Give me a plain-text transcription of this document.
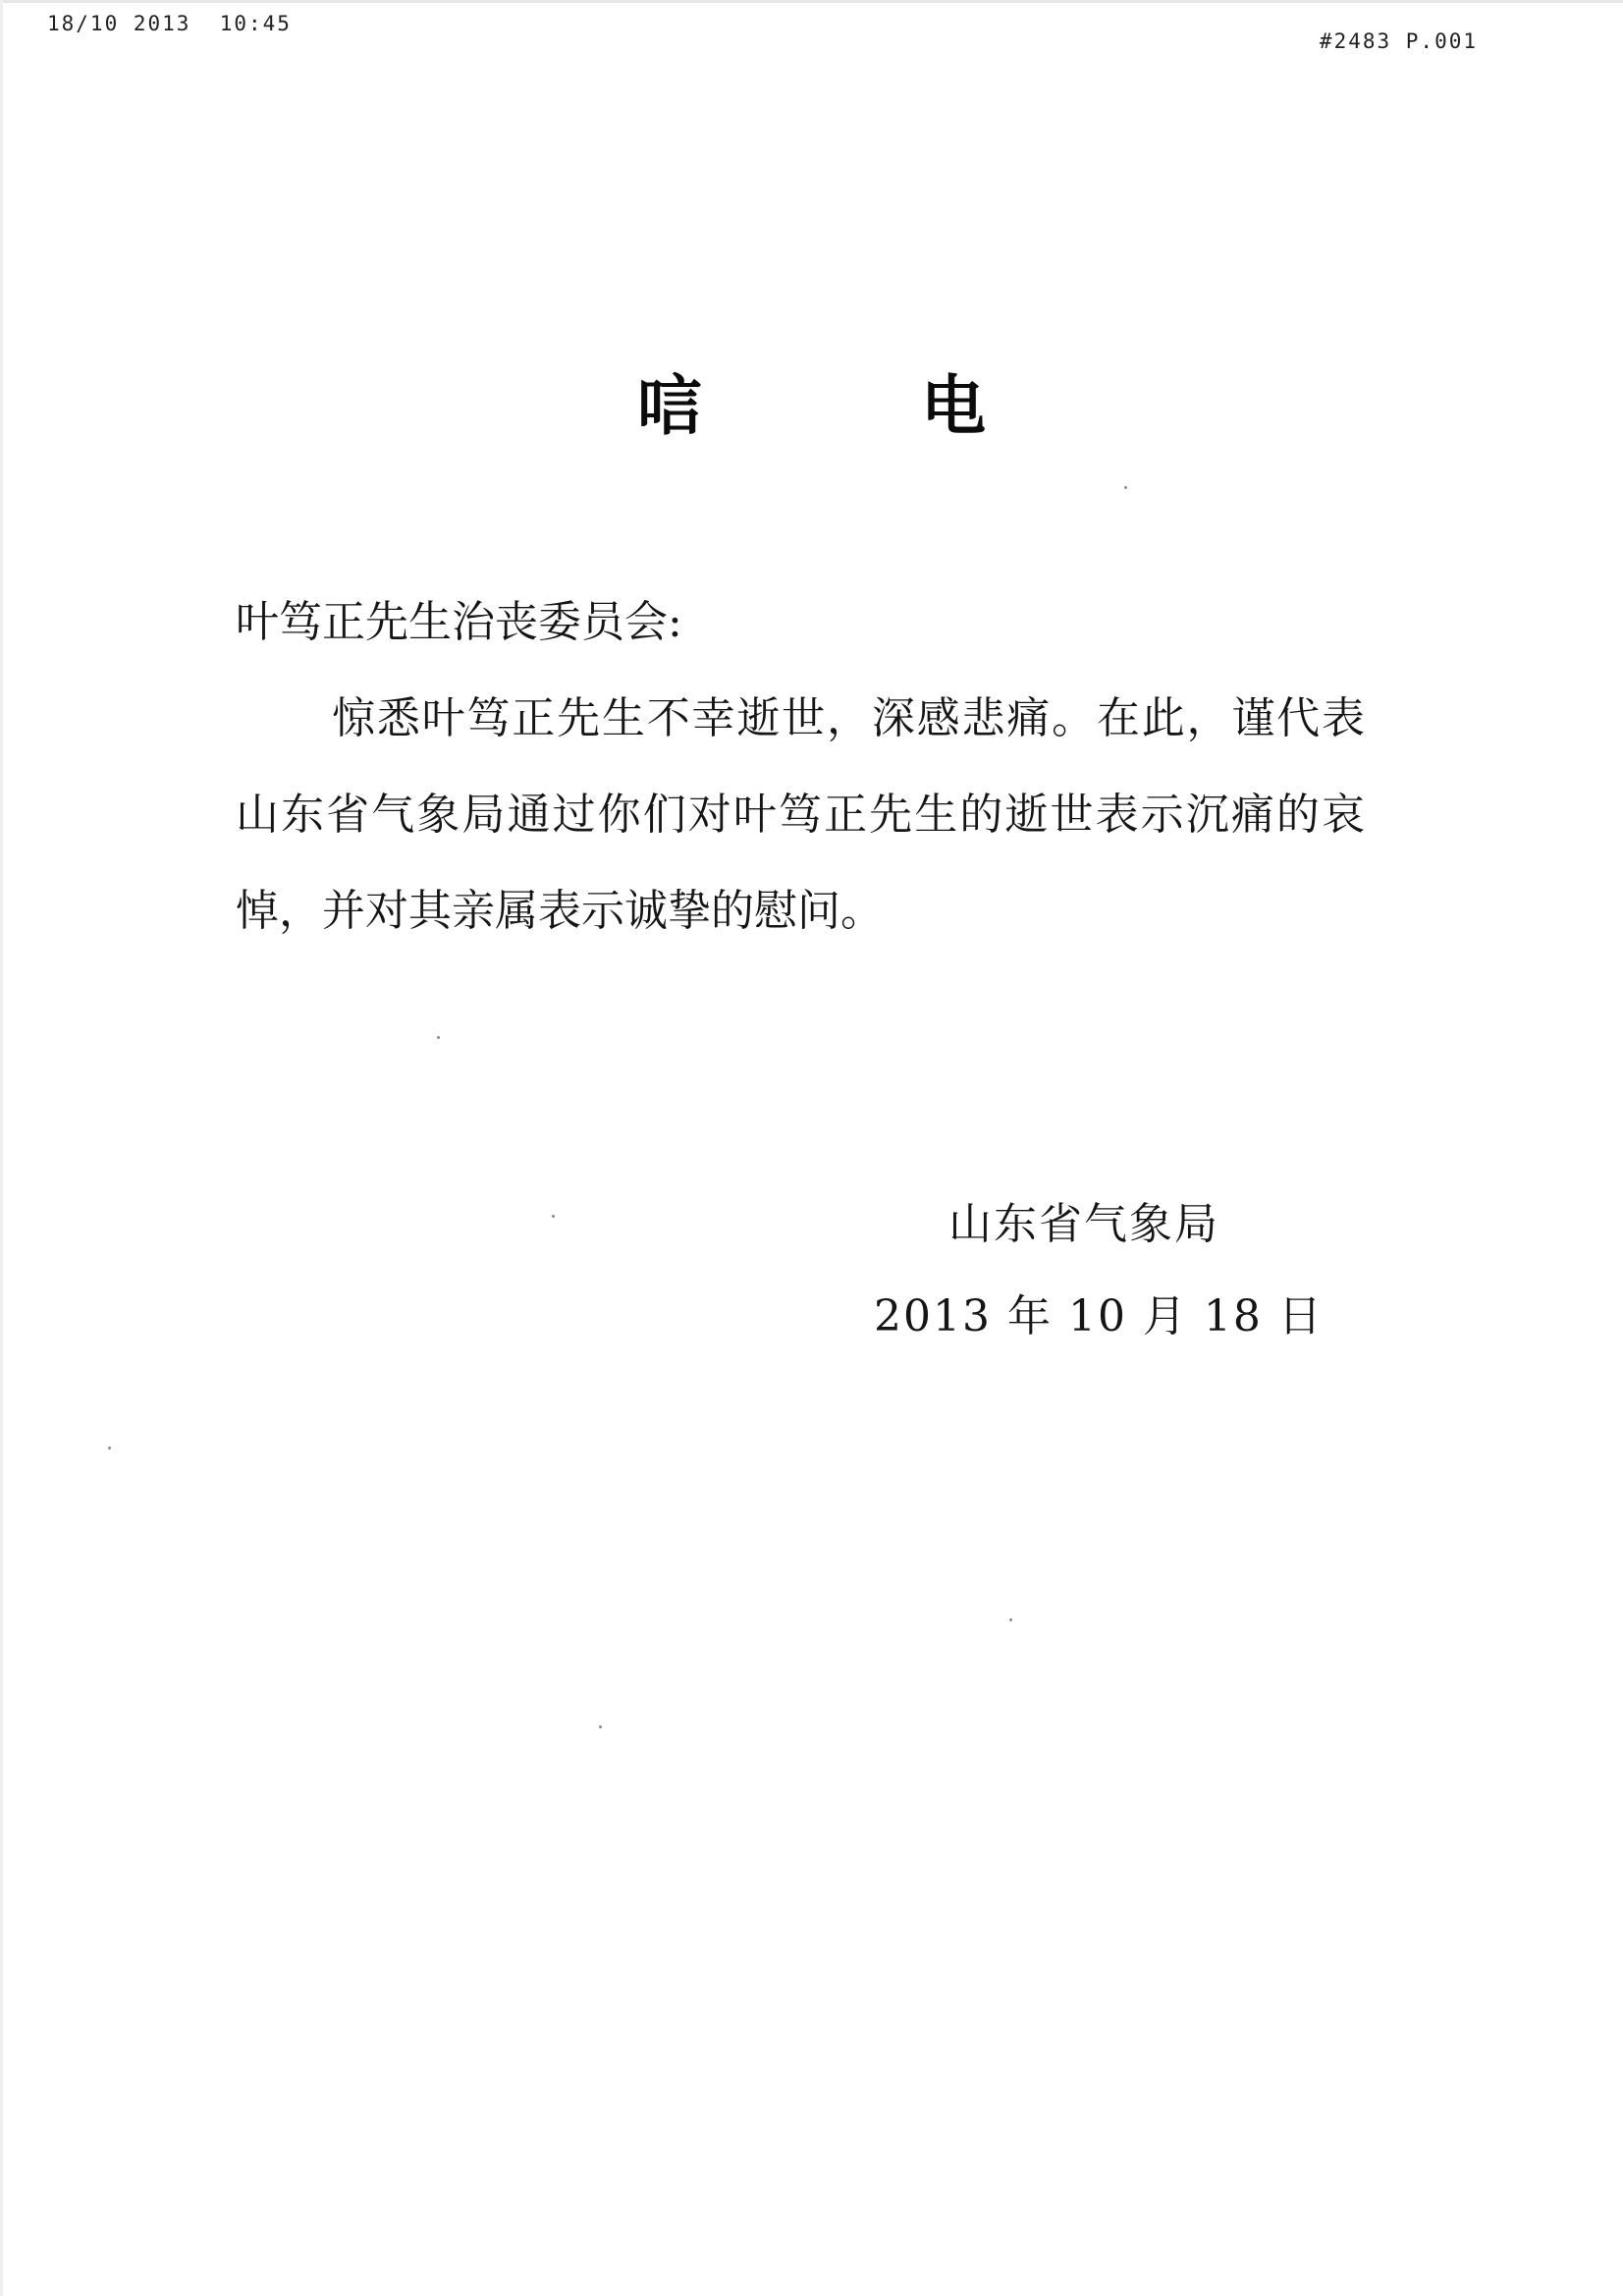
18/10 2013  10:45
#2483 P.001
唁 电

叶笃正先生治丧委员会:

惊悉叶笃正先生不幸逝世，深感悲痛。在此，谨代表山东省气象局通过你们对叶笃正先生的逝世表示沉痛的哀悼，并对其亲属表示诚挚的慰问。

山东省气象局
2013 年 10 月 18 日
